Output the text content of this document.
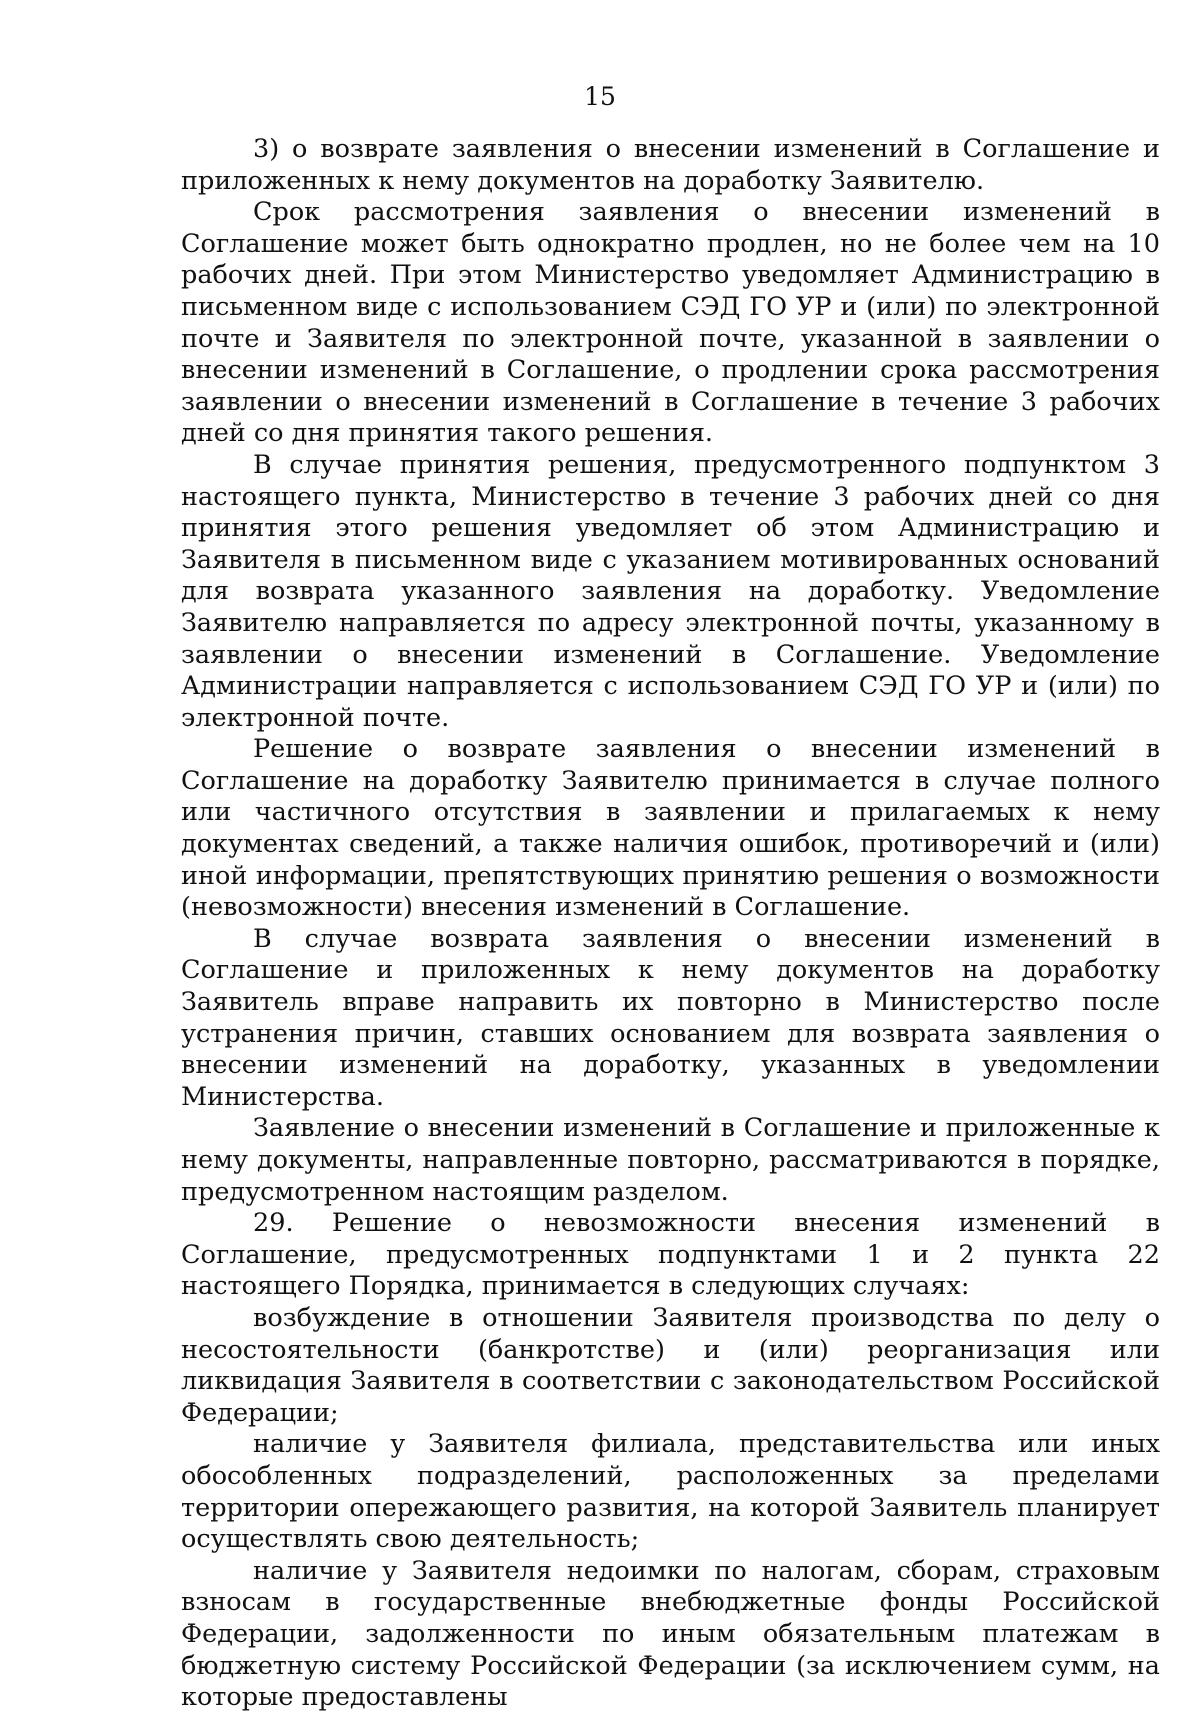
15

3) о возврате заявления о внесении изменений в Соглашение и приложенных к нему документов на доработку Заявителю.

Срок рассмотрения заявления о внесении изменений в Соглашение может быть однократно продлен, но не более чем на 10 рабочих дней. При этом Министерство уведомляет Администрацию в письменном виде с использованием СЭД ГО УР и (или) по электронной почте и Заявителя по электронной почте, указанной в заявлении о внесении изменений в Соглашение, о продлении срока рассмотрения заявлении о внесении изменений в Соглашение в течение 3 рабочих дней со дня принятия такого решения.

В случае принятия решения, предусмотренного подпунктом 3 настоящего пункта, Министерство в течение 3 рабочих дней со дня принятия этого решения уведомляет об этом Администрацию и Заявителя в письменном виде с указанием мотивированных оснований для возврата указанного заявления на доработку. Уведомление Заявителю направляется по адресу электронной почты, указанному в заявлении о внесении изменений в Соглашение. Уведомление Администрации направляется с использованием СЭД ГО УР и (или) по электронной почте.

Решение о возврате заявления о внесении изменений в Соглашение на доработку Заявителю принимается в случае полного или частичного отсутствия в заявлении и прилагаемых к нему документах сведений, а также наличия ошибок, противоречий и (или) иной информации, препятствующих принятию решения о возможности (невозможности) внесения изменений в Соглашение.

В случае возврата заявления о внесении изменений в Соглашение и приложенных к нему документов на доработку Заявитель вправе направить их повторно в Министерство после устранения причин, ставших основанием для возврата заявления о внесении изменений на доработку, указанных в уведомлении Министерства.

Заявление о внесении изменений в Соглашение и приложенные к нему документы, направленные повторно, рассматриваются в порядке, предусмотренном настоящим разделом.

29. Решение о невозможности внесения изменений в Соглашение, предусмотренных подпунктами 1 и 2 пункта 22 настоящего Порядка, принимается в следующих случаях:

возбуждение в отношении Заявителя производства по делу о несостоятельности (банкротстве) и (или) реорганизация или ликвидация Заявителя в соответствии с законодательством Российской Федерации;

наличие у Заявителя филиала, представительства или иных обособленных подразделений, расположенных за пределами территории опережающего развития, на которой Заявитель планирует осуществлять свою деятельность;

наличие у Заявителя недоимки по налогам, сборам, страховым взносам в государственные внебюджетные фонды Российской Федерации, задолженности по иным обязательным платежам в бюджетную систему Российской Федерации (за исключением сумм, на которые предоставлены
